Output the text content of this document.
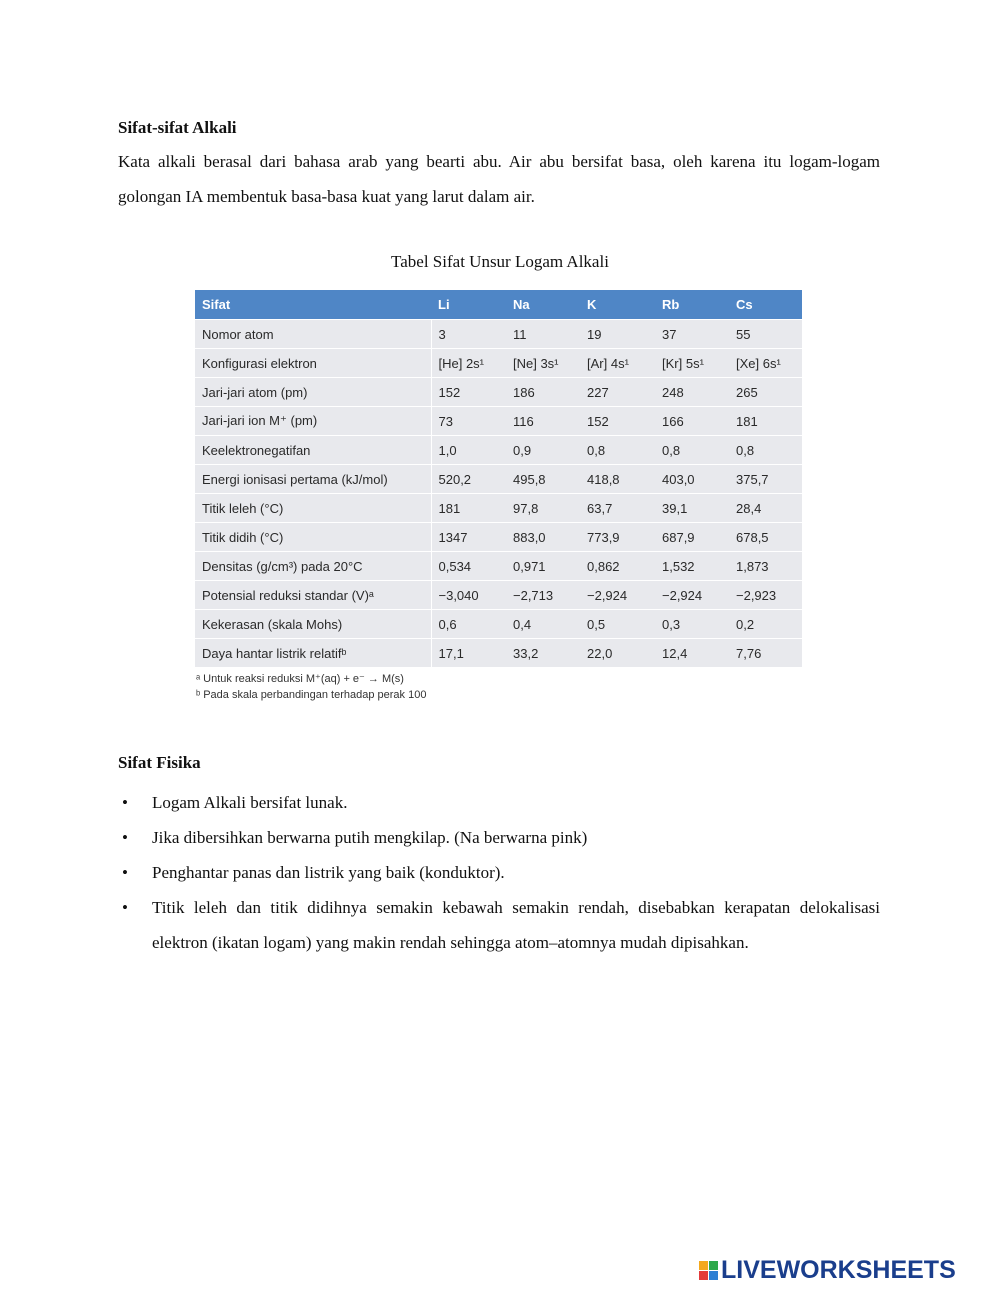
Sifat-sifat Alkali
Kata alkali berasal dari bahasa arab yang bearti abu. Air abu bersifat basa, oleh karena itu logam-logam golongan IA membentuk basa-basa kuat yang larut dalam air.
Tabel Sifat Unsur Logam Alkali
Sifat	Li	Na	K	Rb	Cs
Nomor atom	3	11	19	37	55
Konfigurasi elektron	[He] 2s¹	[Ne] 3s¹	[Ar] 4s¹	[Kr] 5s¹	[Xe] 6s¹
Jari-jari atom (pm)	152	186	227	248	265
Jari-jari ion M⁺ (pm)	73	116	152	166	181
Keelektronegatifan	1,0	0,9	0,8	0,8	0,8
Energi ionisasi pertama (kJ/mol)	520,2	495,8	418,8	403,0	375,7
Titik leleh (°C)	181	97,8	63,7	39,1	28,4
Titik didih (°C)	1347	883,0	773,9	687,9	678,5
Densitas (g/cm³) pada 20°C	0,534	0,971	0,862	1,532	1,873
Potensial reduksi standar (V)ᵃ	−3,040	−2,713	−2,924	−2,924	−2,923
Kekerasan (skala Mohs)	0,6	0,4	0,5	0,3	0,2
Daya hantar listrik relatifᵇ	17,1	33,2	22,0	12,4	7,76
ᵃ Untuk reaksi reduksi M⁺(aq) + e⁻ → M(s)
ᵇ Pada skala perbandingan terhadap perak 100
Sifat Fisika
• Logam Alkali bersifat lunak.
• Jika dibersihkan berwarna putih mengkilap. (Na berwarna pink)
• Penghantar panas dan listrik yang baik (konduktor).
• Titik leleh dan titik didihnya semakin kebawah semakin rendah, disebabkan kerapatan delokalisasi elektron (ikatan logam) yang makin rendah sehingga atom–atomnya mudah dipisahkan.
LIVEWORKSHEETS
